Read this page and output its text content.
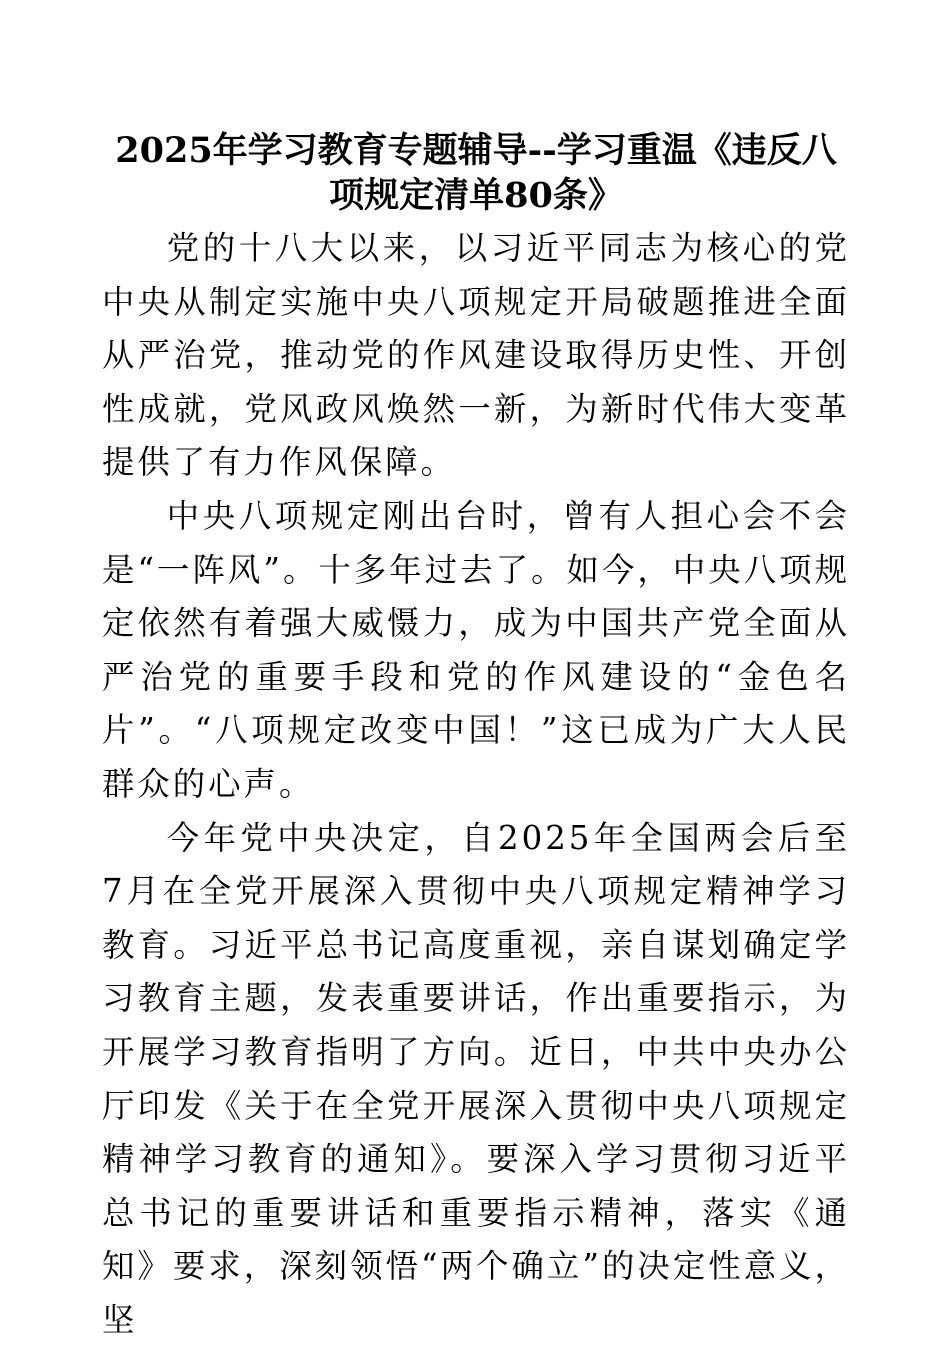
2025年学习教育专题辅导--学习重温《违反八项规定清单80条》

党的十八大以来，以习近平同志为核心的党中央从制定实施中央八项规定开局破题推进全面从严治党，推动党的作风建设取得历史性、开创性成就，党风政风焕然一新，为新时代伟大变革提供了有力作风保障。

中央八项规定刚出台时，曾有人担心会不会是“一阵风”。十多年过去了。如今，中央八项规定依然有着强大威慑力，成为中国共产党全面从严治党的重要手段和党的作风建设的“金色名片”。“八项规定改变中国！”这已成为广大人民群众的心声。

今年党中央决定，自2025年全国两会后至7月在全党开展深入贯彻中央八项规定精神学习教育。习近平总书记高度重视，亲自谋划确定学习教育主题，发表重要讲话，作出重要指示，为开展学习教育指明了方向。近日，中共中央办公厅印发《关于在全党开展深入贯彻中央八项规定精神学习教育的通知》。要深入学习贯彻习近平总书记的重要讲话和重要指示精神，落实《通知》要求，深刻领悟“两个确立”的决定性意义，坚
